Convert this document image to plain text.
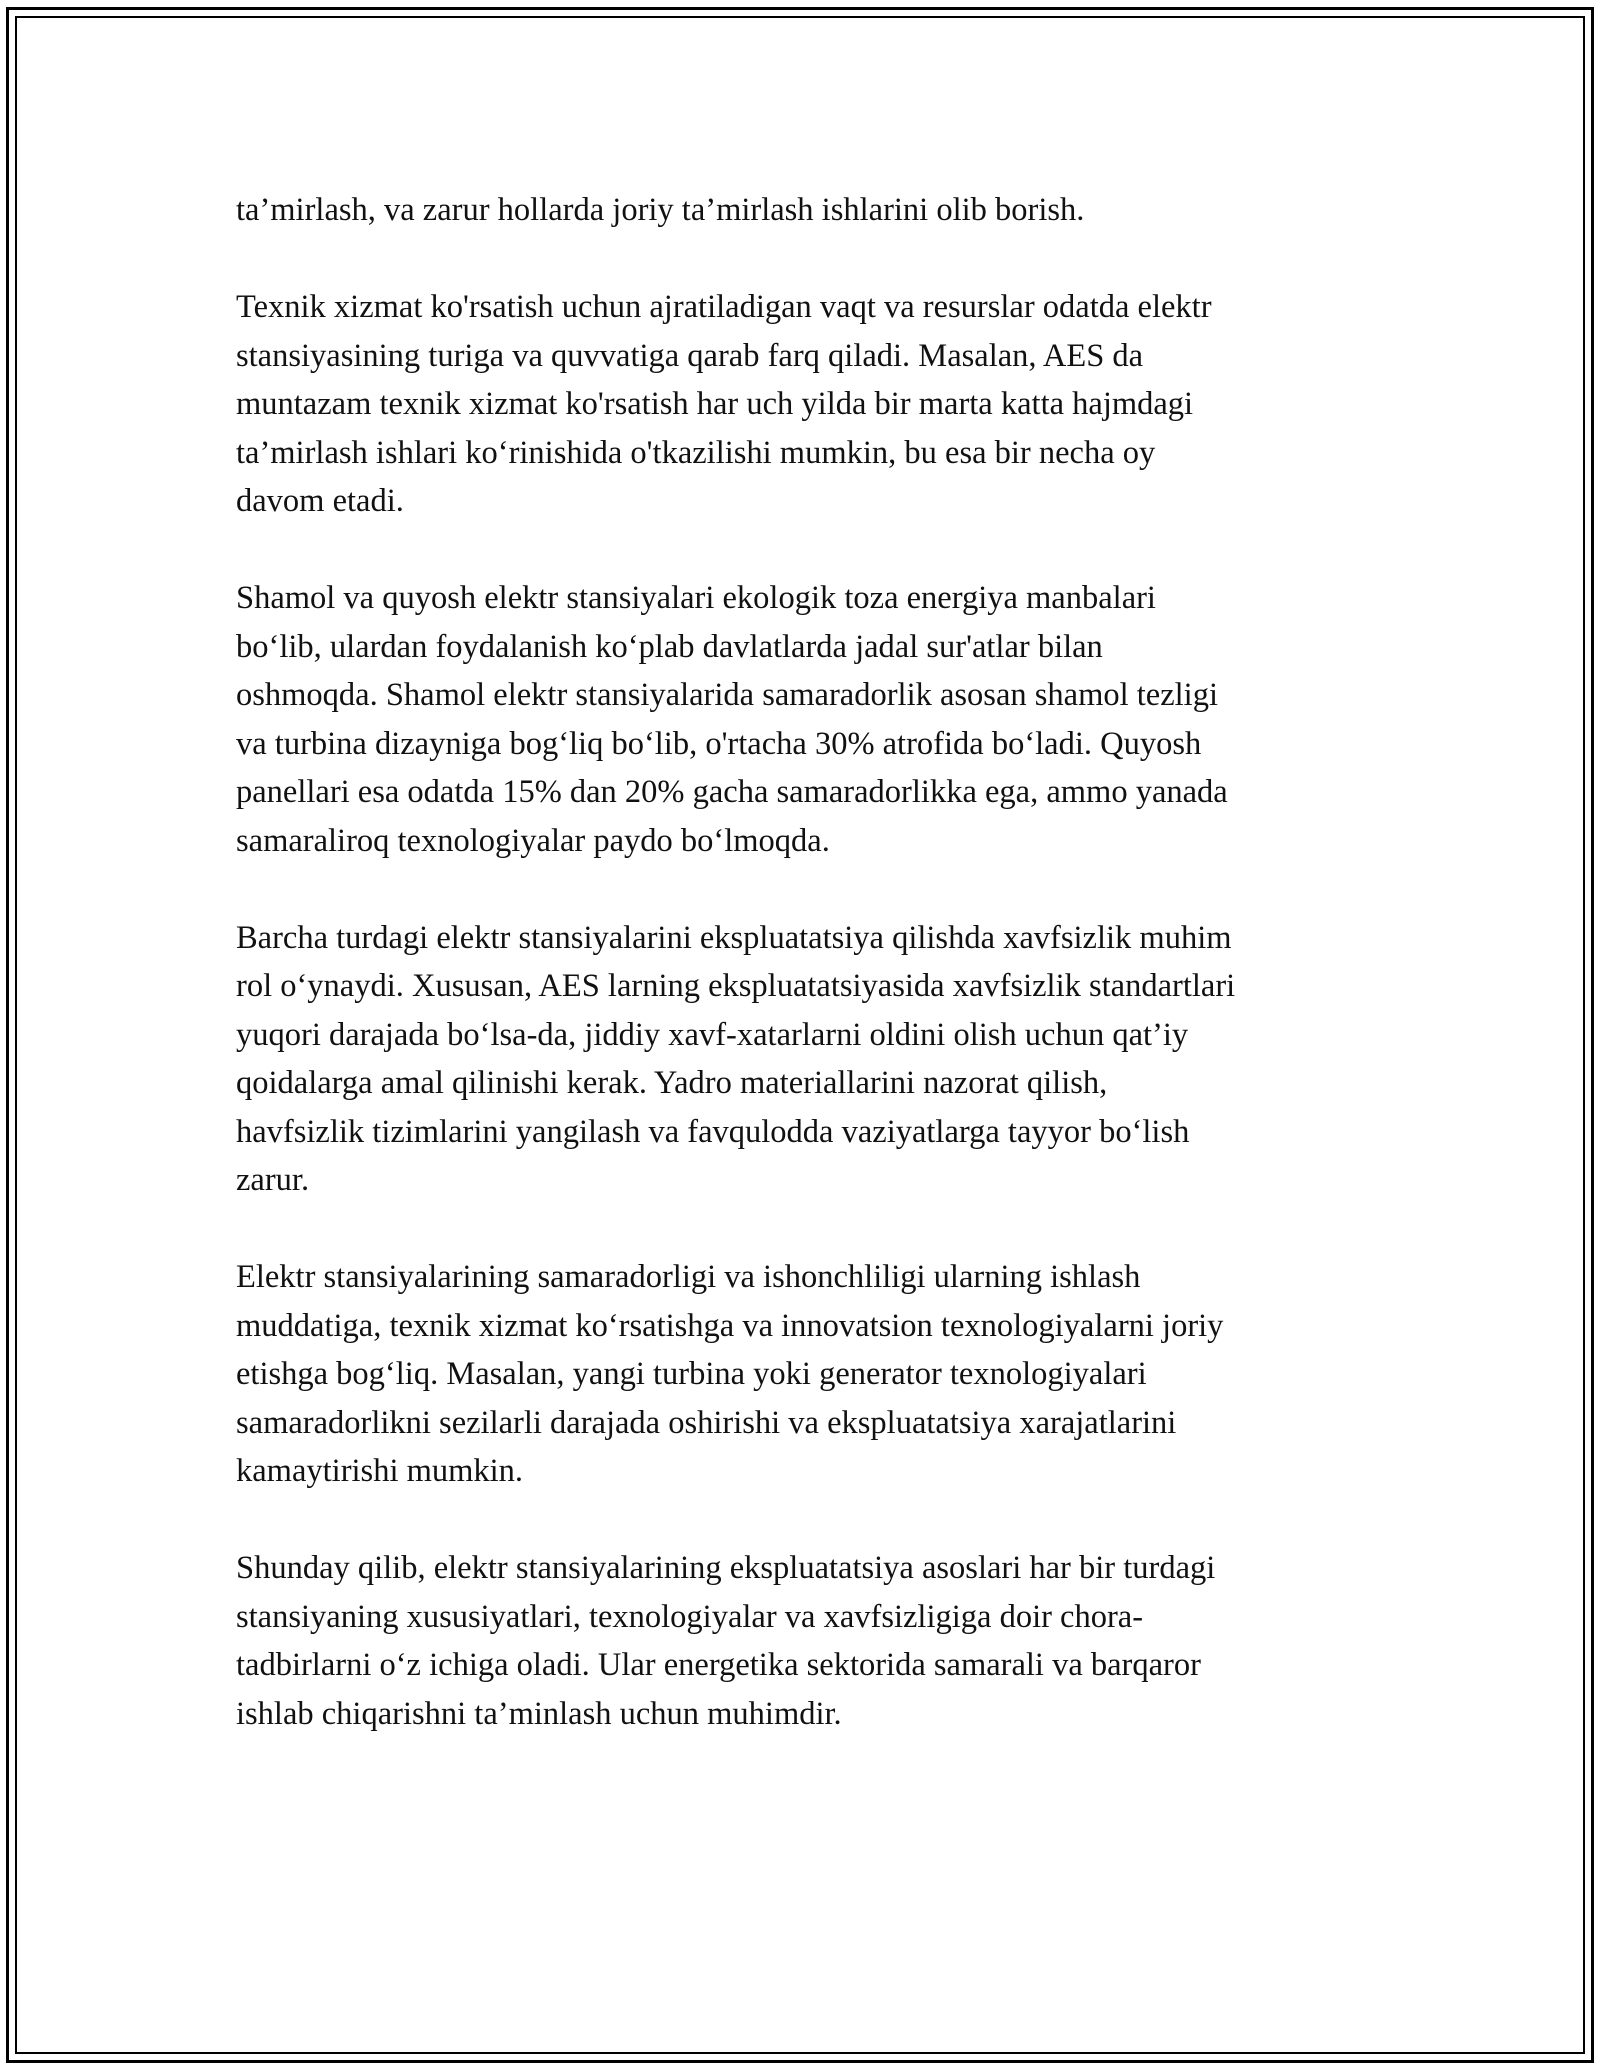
ta’mirlash, va zarur hollarda joriy ta’mirlash ishlarini olib borish.

Texnik xizmat ko'rsatish uchun ajratiladigan vaqt va resurslar odatda elektr
stansiyasining turiga va quvvatiga qarab farq qiladi. Masalan, AES da
muntazam texnik xizmat ko'rsatish har uch yilda bir marta katta hajmdagi
ta’mirlash ishlari ko‘rinishida o'tkazilishi mumkin, bu esa bir necha oy
davom etadi.

Shamol va quyosh elektr stansiyalari ekologik toza energiya manbalari
bo‘lib, ulardan foydalanish ko‘plab davlatlarda jadal sur'atlar bilan
oshmoqda. Shamol elektr stansiyalarida samaradorlik asosan shamol tezligi
va turbina dizayniga bog‘liq bo‘lib, o'rtacha 30% atrofida bo‘ladi. Quyosh
panellari esa odatda 15% dan 20% gacha samaradorlikka ega, ammo yanada
samaraliroq texnologiyalar paydo bo‘lmoqda.

Barcha turdagi elektr stansiyalarini ekspluatatsiya qilishda xavfsizlik muhim
rol o‘ynaydi. Xususan, AES larning ekspluatatsiyasida xavfsizlik standartlari
yuqori darajada bo‘lsa-da, jiddiy xavf-xatarlarni oldini olish uchun qat’iy
qoidalarga amal qilinishi kerak. Yadro materiallarini nazorat qilish,
havfsizlik tizimlarini yangilash va favqulodda vaziyatlarga tayyor bo‘lish
zarur.

Elektr stansiyalarining samaradorligi va ishonchliligi ularning ishlash
muddatiga, texnik xizmat ko‘rsatishga va innovatsion texnologiyalarni joriy
etishga bog‘liq. Masalan, yangi turbina yoki generator texnologiyalari
samaradorlikni sezilarli darajada oshirishi va ekspluatatsiya xarajatlarini
kamaytirishi mumkin.

Shunday qilib, elektr stansiyalarining ekspluatatsiya asoslari har bir turdagi
stansiyaning xususiyatlari, texnologiyalar va xavfsizligiga doir chora-
tadbirlarni o‘z ichiga oladi. Ular energetika sektorida samarali va barqaror
ishlab chiqarishni ta’minlash uchun muhimdir.
